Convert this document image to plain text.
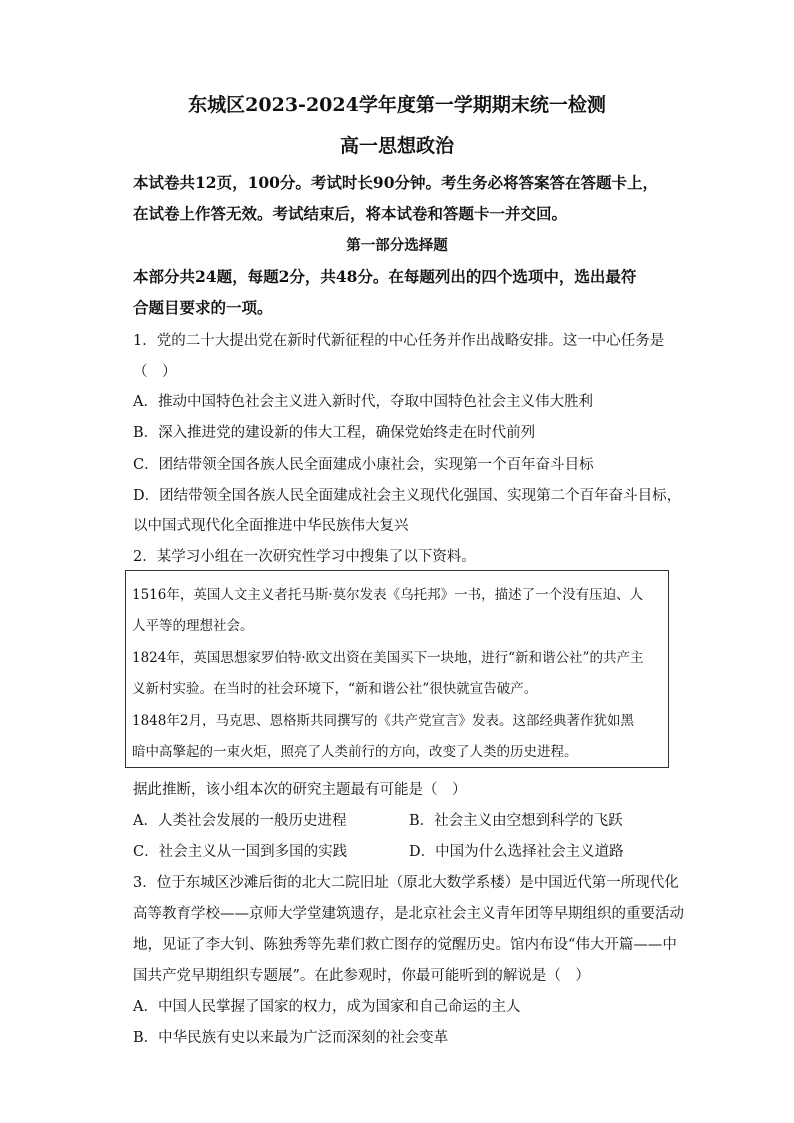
东城区2023-2024学年度第一学期期末统一检测
高一思想政治
本试卷共12页，100分。考试时长90分钟。考生务必将答案答在答题卡上，
在试卷上作答无效。考试结束后，将本试卷和答题卡一并交回。
第一部分选择题
本部分共24题，每题2分，共48分。在每题列出的四个选项中，选出最符
合题目要求的一项。
1．党的二十大提出党在新时代新征程的中心任务并作出战略安排。这一中心任务是
（　）
A．推动中国特色社会主义进入新时代，夺取中国特色社会主义伟大胜利
B．深入推进党的建设新的伟大工程，确保党始终走在时代前列
C．团结带领全国各族人民全面建成小康社会，实现第一个百年奋斗目标
D．团结带领全国各族人民全面建成社会主义现代化强国、实现第二个百年奋斗目标，
以中国式现代化全面推进中华民族伟大复兴
2．某学习小组在一次研究性学习中搜集了以下资料。
1516年，英国人文主义者托马斯·莫尔发表《乌托邦》一书，描述了一个没有压迫、人
人平等的理想社会。
1824年，英国思想家罗伯特·欧文出资在美国买下一块地，进行“新和谐公社”的共产主
义新村实验。在当时的社会环境下，“新和谐公社”很快就宣告破产。
1848年2月，马克思、恩格斯共同撰写的《共产党宣言》发表。这部经典著作犹如黑
暗中高擎起的一束火炬，照亮了人类前行的方向，改变了人类的历史进程。
据此推断，该小组本次的研究主题最有可能是（　）
A．人类社会发展的一般历史进程	B．社会主义由空想到科学的飞跃
C．社会主义从一国到多国的实践	D．中国为什么选择社会主义道路
3．位于东城区沙滩后街的北大二院旧址（原北大数学系楼）是中国近代第一所现代化
高等教育学校——京师大学堂建筑遗存，是北京社会主义青年团等早期组织的重要活动
地，见证了李大钊、陈独秀等先辈们救亡图存的觉醒历史。馆内布设“伟大开篇——中
国共产党早期组织专题展”。在此参观时，你最可能听到的解说是（　）
A．中国人民掌握了国家的权力，成为国家和自己命运的主人
B．中华民族有史以来最为广泛而深刻的社会变革
